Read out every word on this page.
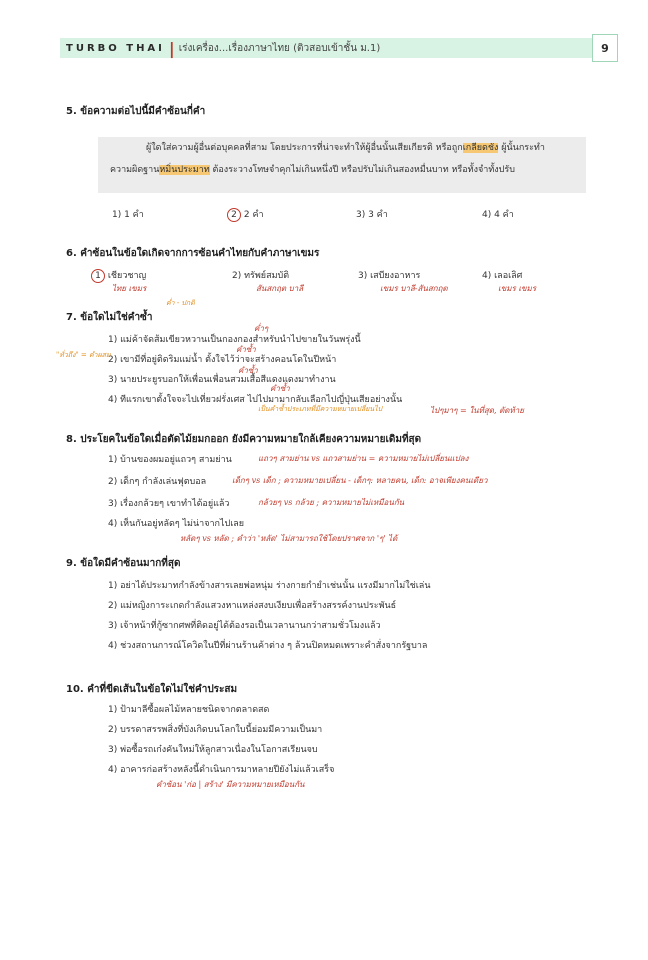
TURBO THAI | เร่งเครื่อง...เรื่องภาษาไทย (ติวสอบเข้าชั้น ม.1)	9
5. ข้อความต่อไปนี้มีคำซ้อนกี่คำ

ผู้ใดใส่ความผู้อื่นต่อบุคคลที่สาม โดยประการที่น่าจะทำให้ผู้อื่นนั้นเสียเกียรติ หรือถูกเกลียดชัง ผู้นั้นกระทำ

ความผิดฐานหมิ่นประมาท ต้องระวางโทษจำคุกไม่เกินหนึ่งปี หรือปรับไม่เกินสองหมื่นบาท หรือทั้งจำทั้งปรับ

1) 1 คำ	2 2 คำ	3) 3 คำ	4) 4 คำ
6. คำซ้อนในข้อใดเกิดจากการซ้อนคำไทยกับคำภาษาเขมร
1 เชียวชาญ	2) ทรัพย์สมบัติ	3) เสบียงอาหาร	4) เลอเลิศ
ไทย เขมร	สันสกฤต บาลี	เขมร บาลี-สันสกฤต	เขมร เขมร
7. ข้อใดไม่ใช่คำซ้ำ
ค่ำ - ปกติ
ค่ำๆ
1) แม่ค้าจัดส้มเขียวหวานเป็นกองกองสำหรับนำไปขายในวันพรุ่งนี้
2) เขามีที่อยู่ติดริมแม่น้ำ ตั้งใจไว้ว่าจะสร้างคอนโดในปีหน้า
คำซ้ำ
"ทั่วถึง" = คำผสม
3) นายประยูรบอกให้เพื่อนเพื่อนสวมเสื้อสีแดงแดงมาทำงาน
คำซ้ำ
คำซ้ำ
4) ทีแรกเขาตั้งใจจะไปเที่ยวฝรั่งเศส ไปไปมามากลับเลือกไปญี่ปุ่นเสียอย่างนั้น
เป็นคำซ้ำประเภทที่มีความหมายเปลี่ยนไป	ไปๆมาๆ = ในที่สุด, ตัดท้าย
8. ประโยคในข้อใดเมื่อตัดไม้ยมกออก ยังมีความหมายใกล้เคียงความหมายเดิมที่สุด
1) บ้านของผมอยู่แถวๆ สามย่าน	แถวๆ สามย่าน vs แถวสามย่าน = ความหมายไม่เปลี่ยนแปลง
2) เด็กๆ กำลังเล่นฟุตบอล	เด็กๆ vs เด็ก ; ความหมายเปลี่ยน - เด็กๆ: หลายคน, เด็ก: อาจเพียงคนเดียว
3) เรื่องกล้วยๆ เขาทำได้อยู่แล้ว	กล้วยๆ vs กล้วย ; ความหมายไม่เหมือนกัน
4) เห็นกันอยู่หลัดๆ ไม่น่าจากไปเลย
หลัดๆ vs หลัด ; คำว่า 'หลัด' ไม่สามารถใช้โดยปราศจาก 'ๆ' ได้
9. ข้อใดมีคำซ้อนมากที่สุด
1) อย่าได้ประมาทกำลังข้างสารเลยพ่อหนุ่ม ร่างกายกำยำเช่นนั้น แรงมีมากไม่ใช่เล่น
2) แม่หญิงการะเกดกำลังแสวงหาแหล่งสงบเงียบเพื่อสร้างสรรค์งานประพันธ์
3) เจ้าหน้าที่กู้ซากศพที่ติดอยู่ได้ต้องรอเป็นเวลานานกว่าสามชั่วโมงแล้ว
4) ช่วงสถานการณ์โควิดในปีที่ผ่านร้านค้าต่าง ๆ ล้วนปิดหมดเพราะคำสั่งจากรัฐบาล
10. คำที่ขีดเส้นในข้อใดไม่ใช่คำประสม
1) ป้ามาลีซื้อผลไม้หลายชนิดจากตลาดสด
2) บรรดาสรรพสิ่งที่บังเกิดบนโลกใบนี้ย่อมมีความเป็นมา
3) พ่อซื้อรถเก๋งคันใหม่ให้ลูกสาวเนื่องในโอกาสเรียนจบ
4) อาคารก่อสร้างหลังนี้ดำเนินการมาหลายปียังไม่แล้วเสร็จ
คำซ้อน 'ก่อ | สร้าง' มีความหมายเหมือนกัน
